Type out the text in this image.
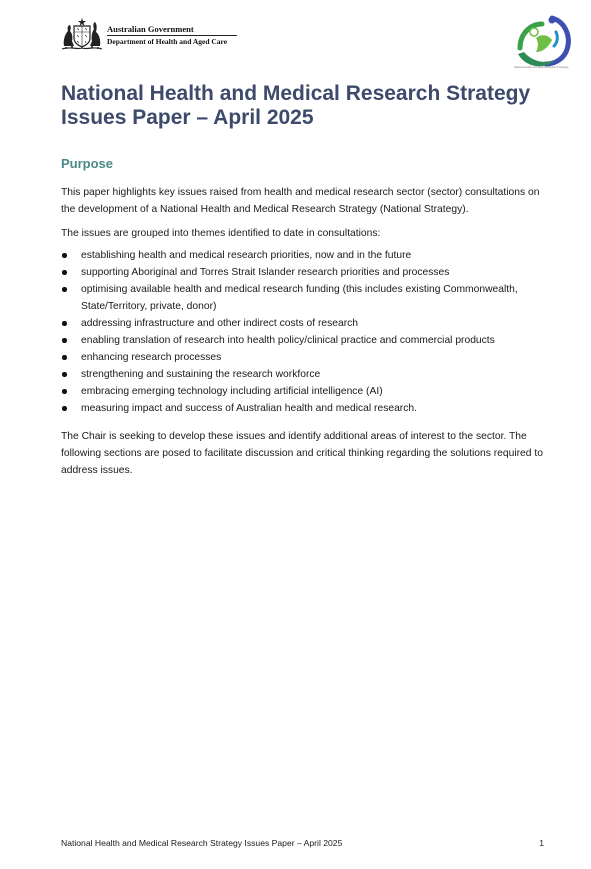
Australian Government
Department of Health and Aged Care
National Health and Medical Research Strategy
National Health and Medical Research Strategy
Issues Paper – April 2025
Purpose

This paper highlights key issues raised from health and medical research sector (sector) consultations on the development of a National Health and Medical Research Strategy (National Strategy).

The issues are grouped into themes identified to date in consultations:

establishing health and medical research priorities, now and in the future
supporting Aboriginal and Torres Strait Islander research priorities and processes
optimising available health and medical research funding (this includes existing Commonwealth, State/Territory, private, donor)
addressing infrastructure and other indirect costs of research
enabling translation of research into health policy/clinical practice and commercial products
enhancing research processes
strengthening and sustaining the research workforce
embracing emerging technology including artificial intelligence (AI)
measuring impact and success of Australian health and medical research.

The Chair is seeking to develop these issues and identify additional areas of interest to the sector. The following sections are posed to facilitate discussion and critical thinking regarding the solutions required to address issues.

National Health and Medical Research Strategy Issues Paper – April 2025	1
